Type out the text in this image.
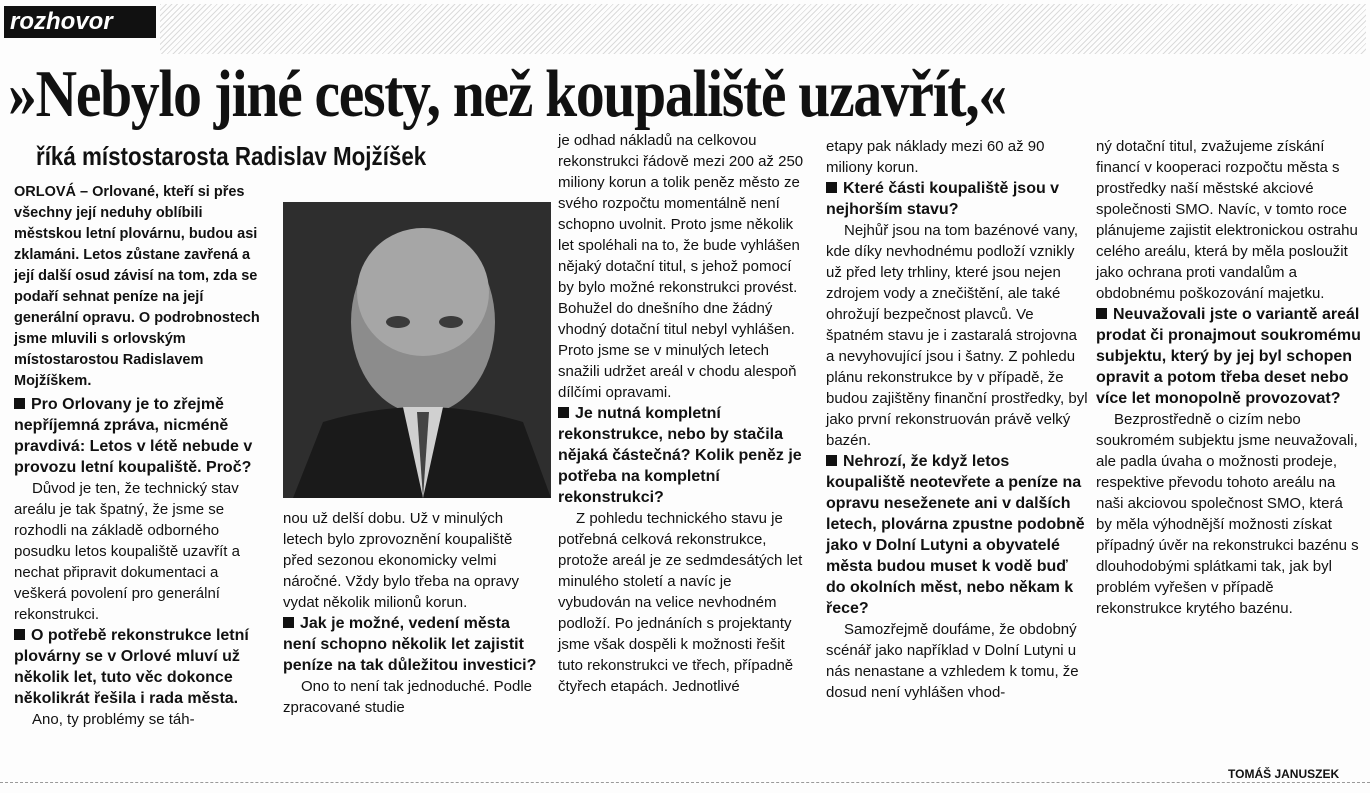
rozhovor
»Nebylo jiné cesty, než koupaliště uzavřít,«
říká místostarosta Radislav Mojžíšek

ORLOVÁ – Orlované, kteří si přes všechny její neduhy oblíbili městskou letní plovárnu, budou asi zklamáni. Letos zůstane zavřená a její další osud závisí na tom, zda se podaří sehnat peníze na její generální opravu. O podrobnostech jsme mluvili s orlovským místostarostou Radislavem Mojžíškem.

Pro Orlovany je to zřejmě nepříjemná zpráva, nicméně pravdivá: Letos v létě nebude v provozu letní koupaliště. Proč?

Důvod je ten, že technický stav areálu je tak špatný, že jsme se rozhodli na základě odborného posudku letos koupaliště uzavřít a nechat připravit dokumentaci a veškerá povolení pro generální rekonstrukci.

O potřebě rekonstrukce letní plovárny se v Orlové mluví už několik let, tuto věc dokonce několikrát řešila i rada města.

Ano, ty problémy se táh-

nou už delší dobu. Už v minulých letech bylo zprovoznění koupaliště před sezonou ekonomicky velmi náročné. Vždy bylo třeba na opravy vydat několik milionů korun.

Jak je možné, vedení města není schopno několik let zajistit peníze na tak důležitou investici?

Ono to není tak jednoduché. Podle zpracované studie

je odhad nákladů na celkovou rekonstrukci řádově mezi 200 až 250 miliony korun a tolik peněz město ze svého rozpočtu momentálně není schopno uvolnit. Proto jsme několik let spoléhali na to, že bude vyhlášen nějaký dotační titul, s jehož pomocí by bylo možné rekonstrukci provést. Bohužel do dnešního dne žádný vhodný dotační titul nebyl vyhlášen. Proto jsme se v minulých letech snažili udržet areál v chodu alespoň dílčími opravami.

Je nutná kompletní rekonstrukce, nebo by stačila nějaká částečná? Kolik peněz je potřeba na kompletní rekonstrukci?

Z pohledu technického stavu je potřebná celková rekonstrukce, protože areál je ze sedmdesátých let minulého století a navíc je vybudován na velice nevhodném podloží. Po jednáních s projektanty jsme však dospěli k možnosti řešit tuto rekonstrukci ve třech, případně čtyřech etapách. Jednotlivé

etapy pak náklady mezi 60 až 90 miliony korun.

Které části koupaliště jsou v nejhorším stavu?

Nejhůř jsou na tom bazénové vany, kde díky nevhodnému podloží vznikly už před lety trhliny, které jsou nejen zdrojem vody a znečištění, ale také ohrožují bezpečnost plavců. Ve špatném stavu je i zastaralá strojovna a nevyhovující jsou i šatny. Z pohledu plánu rekonstrukce by v případě, že budou zajištěny finanční prostředky, byl jako první rekonstruován právě velký bazén.

Nehrozí, že když letos koupaliště neotevřete a peníze na opravu neseženete ani v dalších letech, plovárna zpustne podobně jako v Dolní Lutyni a obyvatelé města budou muset k vodě buď do okolních měst, nebo někam k řece?

Samozřejmě doufáme, že obdobný scénář jako například v Dolní Lutyni u nás nenastane a vzhledem k tomu, že dosud není vyhlášen vhod-

ný dotační titul, zvažujeme získání financí v kooperaci rozpočtu města s prostředky naší městské akciové společnosti SMO. Navíc, v tomto roce plánujeme zajistit elektronickou ostrahu celého areálu, která by měla posloužit jako ochrana proti vandalům a obdobnému poškozování majetku.

Neuvažovali jste o variantě areál prodat či pronajmout soukromému subjektu, který by jej byl schopen opravit a potom třeba deset nebo více let monopolně provozovat?

Bezprostředně o cizím nebo soukromém subjektu jsme neuvažovali, ale padla úvaha o možnosti prodeje, respektive převodu tohoto areálu na naši akciovou společnost SMO, která by měla výhodnější možnosti získat případný úvěr na rekonstrukci bazénu s dlouhodobými splátkami tak, jak byl problém vyřešen v případě rekonstrukce krytého bazénu.

TOMÁŠ JANUSZEK
